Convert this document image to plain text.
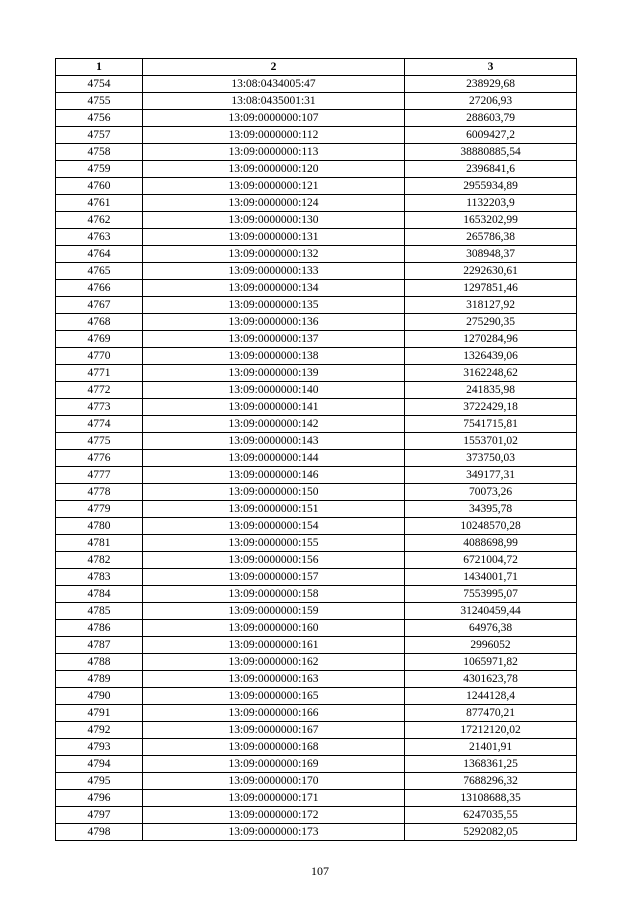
1	2	3
4754	13:08:0434005:47	238929,68
4755	13:08:0435001:31	27206,93
4756	13:09:0000000:107	288603,79
4757	13:09:0000000:112	6009427,2
4758	13:09:0000000:113	38880885,54
4759	13:09:0000000:120	2396841,6
4760	13:09:0000000:121	2955934,89
4761	13:09:0000000:124	1132203,9
4762	13:09:0000000:130	1653202,99
4763	13:09:0000000:131	265786,38
4764	13:09:0000000:132	308948,37
4765	13:09:0000000:133	2292630,61
4766	13:09:0000000:134	1297851,46
4767	13:09:0000000:135	318127,92
4768	13:09:0000000:136	275290,35
4769	13:09:0000000:137	1270284,96
4770	13:09:0000000:138	1326439,06
4771	13:09:0000000:139	3162248,62
4772	13:09:0000000:140	241835,98
4773	13:09:0000000:141	3722429,18
4774	13:09:0000000:142	7541715,81
4775	13:09:0000000:143	1553701,02
4776	13:09:0000000:144	373750,03
4777	13:09:0000000:146	349177,31
4778	13:09:0000000:150	70073,26
4779	13:09:0000000:151	34395,78
4780	13:09:0000000:154	10248570,28
4781	13:09:0000000:155	4088698,99
4782	13:09:0000000:156	6721004,72
4783	13:09:0000000:157	1434001,71
4784	13:09:0000000:158	7553995,07
4785	13:09:0000000:159	31240459,44
4786	13:09:0000000:160	64976,38
4787	13:09:0000000:161	2996052
4788	13:09:0000000:162	1065971,82
4789	13:09:0000000:163	4301623,78
4790	13:09:0000000:165	1244128,4
4791	13:09:0000000:166	877470,21
4792	13:09:0000000:167	17212120,02
4793	13:09:0000000:168	21401,91
4794	13:09:0000000:169	1368361,25
4795	13:09:0000000:170	7688296,32
4796	13:09:0000000:171	13108688,35
4797	13:09:0000000:172	6247035,55
4798	13:09:0000000:173	5292082,05
107
